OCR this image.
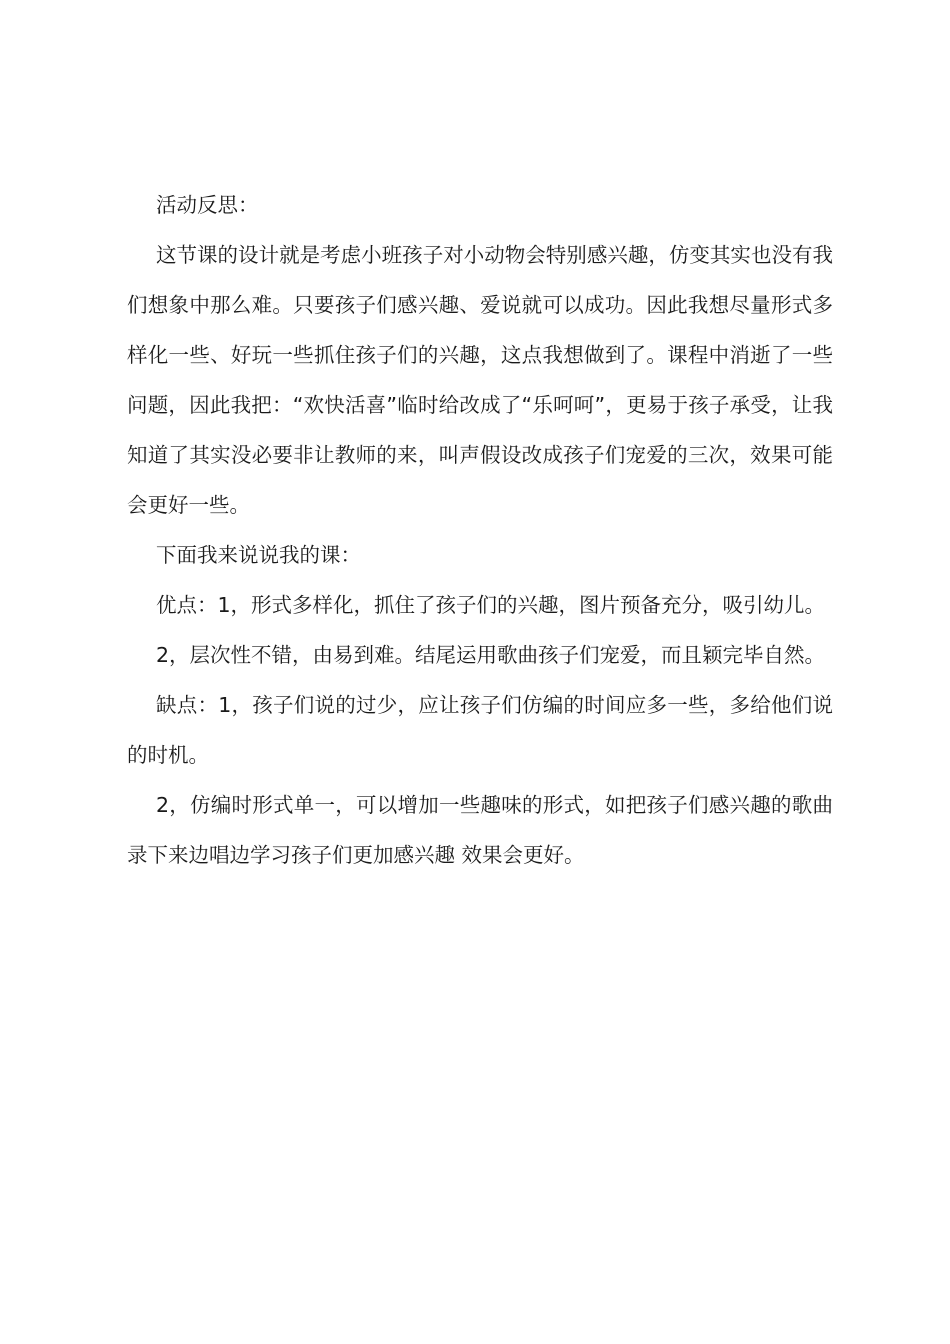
活动反思：

这节课的设计就是考虑小班孩子对小动物会特别感兴趣，仿变其实也没有我们想象中那么难。只要孩子们感兴趣、爱说就可以成功。因此我想尽量形式多样化一些、好玩一些抓住孩子们的兴趣，这点我想做到了。课程中消逝了一些问题，因此我把：“欢快活喜”临时给改成了“乐呵呵”，更易于孩子承受，让我知道了其实没必要非让教师的来，叫声假设改成孩子们宠爱的三次，效果可能会更好一些。

下面我来说说我的课：

优点：1，形式多样化，抓住了孩子们的兴趣，图片预备充分，吸引幼儿。

2，层次性不错，由易到难。结尾运用歌曲孩子们宠爱，而且颖完毕自然。

缺点：1，孩子们说的过少，应让孩子们仿编的时间应多一些，多给他们说的时机。

2，仿编时形式单一，可以增加一些趣味的形式，如把孩子们感兴趣的歌曲录下来边唱边学习孩子们更加感兴趣 效果会更好。
